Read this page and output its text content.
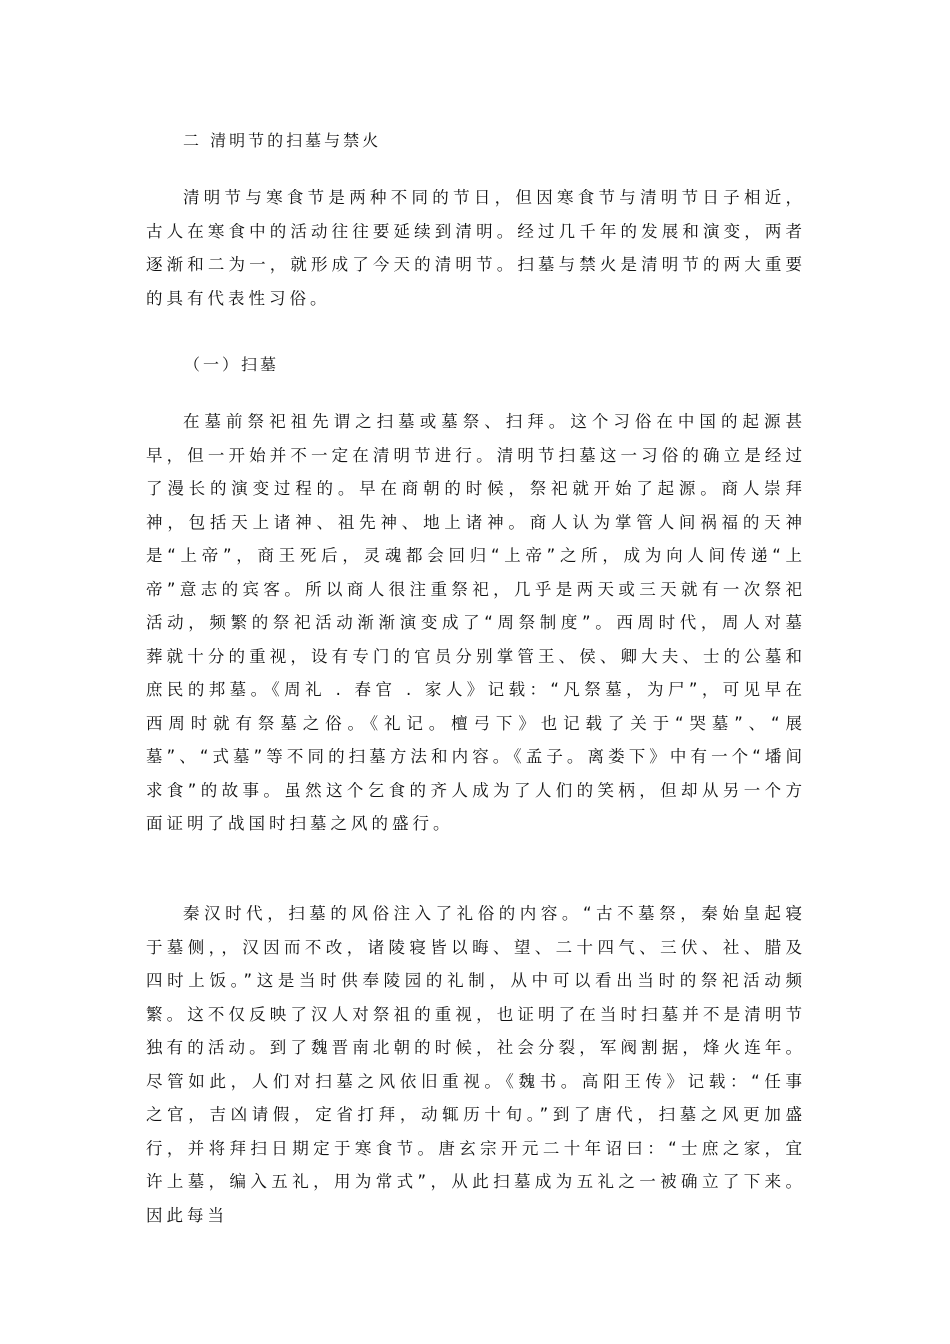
二 清明节的扫墓与禁火

清明节与寒食节是两种不同的节日，但因寒食节与清明节日子相近，古人在寒食中的活动往往要延续到清明。经过几千年的发展和演变，两者逐渐和二为一，就形成了今天的清明节。扫墓与禁火是清明节的两大重要的具有代表性习俗。

（一）扫墓

在墓前祭祀祖先谓之扫墓或墓祭、扫拜。这个习俗在中国的起源甚早，但一开始并不一定在清明节进行。清明节扫墓这一习俗的确立是经过了漫长的演变过程的。早在商朝的时候，祭祀就开始了起源。商人崇拜神，包括天上诸神、祖先神、地上诸神。商人认为掌管人间祸福的天神是“上帝”，商王死后，灵魂都会回归“上帝”之所，成为向人间传递“上帝”意志的宾客。所以商人很注重祭祀，几乎是两天或三天就有一次祭祀活动，频繁的祭祀活动渐渐演变成了“周祭制度”。西周时代，周人对墓葬就十分的重视，设有专门的官员分别掌管王、侯、卿大夫、士的公墓和庶民的邦墓。《周礼 . 春官 . 家人》记载：“凡祭墓，为尸”，可见早在西周时就有祭墓之俗。《礼记。檀弓下》也记载了关于“哭墓”、“展墓”、“式墓”等不同的扫墓方法和内容。《孟子。离娄下》中有一个“墦间求食”的故事。虽然这个乞食的齐人成为了人们的笑柄，但却从另一个方面证明了战国时扫墓之风的盛行。

秦汉时代，扫墓的风俗注入了礼俗的内容。“古不墓祭，秦始皇起寝于墓侧，，汉因而不改，诸陵寝皆以晦、望、二十四气、三伏、社、腊及四时上饭。”这是当时供奉陵园的礼制，从中可以看出当时的祭祀活动频繁。这不仅反映了汉人对祭祖的重视，也证明了在当时扫墓并不是清明节独有的活动。到了魏晋南北朝的时候，社会分裂，军阀割据，烽火连年。尽管如此，人们对扫墓之风依旧重视。《魏书。高阳王传》记载：“任事之官，吉凶请假，定省打拜，动辄历十旬。”到了唐代，扫墓之风更加盛行，并将拜扫日期定于寒食节。唐玄宗开元二十年诏曰：“士庶之家，宜许上墓，编入五礼，用为常式”，从此扫墓成为五礼之一被确立了下来。因此每当
